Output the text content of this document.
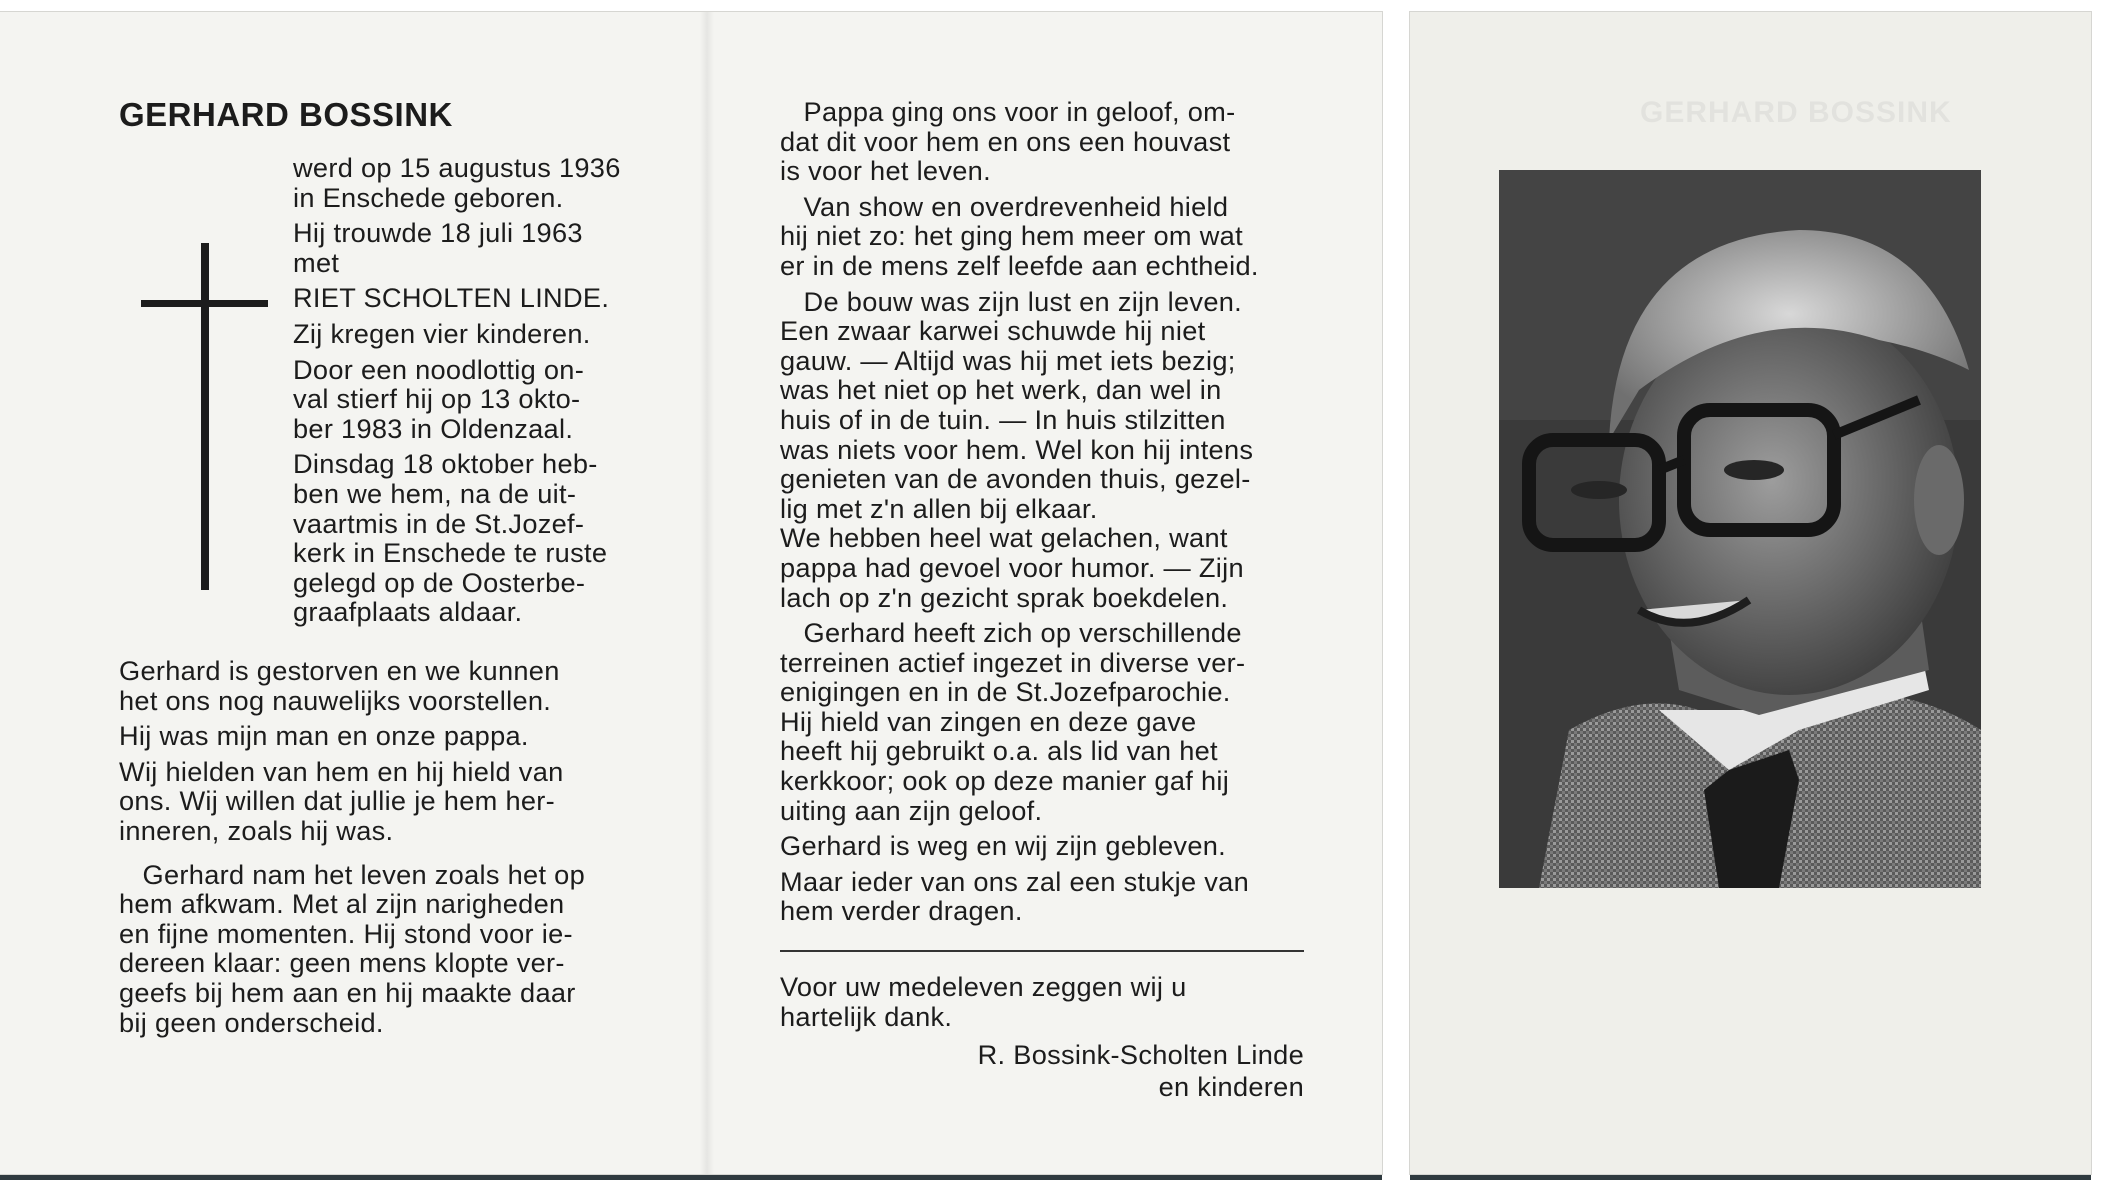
GERHARD BOSSINK

werd op 15 augustus 1936
in Enschede geboren.

Hij trouwde 18 juli 1963
met

RIET SCHOLTEN LINDE.

Zij kregen vier kinderen.

Door een noodlottig on-
val stierf hij op 13 okto-
ber 1983 in Oldenzaal.

Dinsdag 18 oktober heb-
ben we hem, na de uit-
vaartmis in de St.Jozef-
kerk in Enschede te ruste
gelegd op de Oosterbe-
graafplaats aldaar.

Gerhard is gestorven en we kunnen
het ons nog nauwelijks voorstellen.

Hij was mijn man en onze pappa.

Wij hielden van hem en hij hield van
ons. Wij willen dat jullie je hem her-
inneren, zoals hij was.

Gerhard nam het leven zoals het op
hem afkwam. Met al zijn narigheden
en fijne momenten. Hij stond voor ie-
dereen klaar: geen mens klopte ver-
geefs bij hem aan en hij maakte daar
bij geen onderscheid.

Pappa ging ons voor in geloof, om-
dat dit voor hem en ons een houvast
is voor het leven.

Van show en overdrevenheid hield
hij niet zo: het ging hem meer om wat
er in de mens zelf leefde aan echtheid.

De bouw was zijn lust en zijn leven.
Een zwaar karwei schuwde hij niet
gauw. — Altijd was hij met iets bezig;
was het niet op het werk, dan wel in
huis of in de tuin. — In huis stilzitten
was niets voor hem. Wel kon hij intens
genieten van de avonden thuis, gezel-
lig met z'n allen bij elkaar.
We hebben heel wat gelachen, want
pappa had gevoel voor humor. — Zijn
lach op z'n gezicht sprak boekdelen.

Gerhard heeft zich op verschillende
terreinen actief ingezet in diverse ver-
enigingen en in de St.Jozefparochie.
Hij hield van zingen en deze gave
heeft hij gebruikt o.a. als lid van het
kerkkoor; ook op deze manier gaf hij
uiting aan zijn geloof.

Gerhard is weg en wij zijn gebleven.

Maar ieder van ons zal een stukje van
hem verder dragen.

Voor uw medeleven zeggen wij u
hartelijk dank.

R. Bossink-Scholten Linde

en kinderen

GERHARD BOSSINK
